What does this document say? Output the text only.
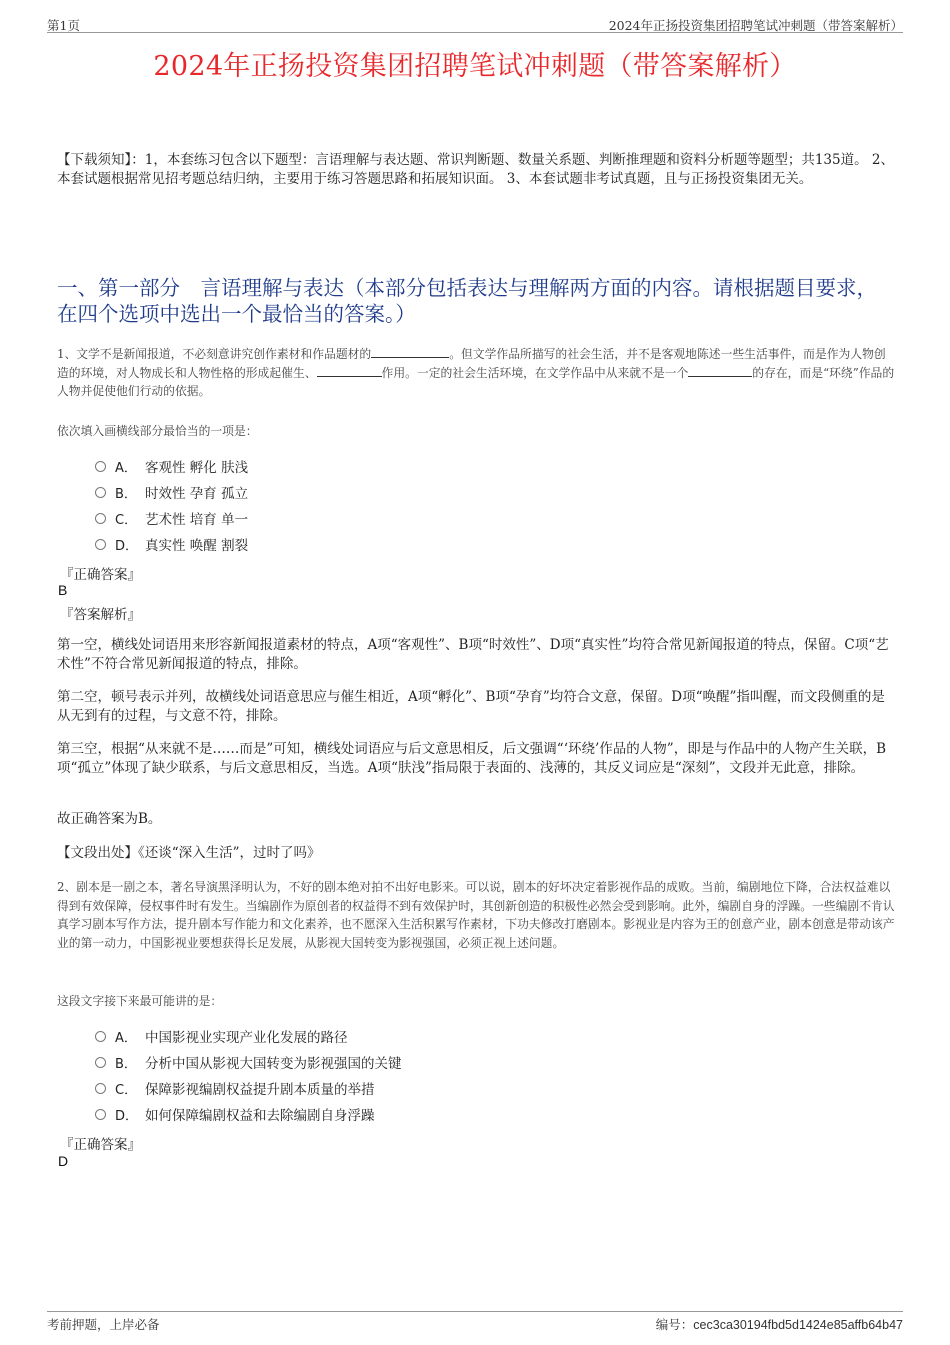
第1页	2024年正扬投资集团招聘笔试冲刺题（带答案解析）
2024年正扬投资集团招聘笔试冲刺题（带答案解析）
【下载须知】：1，本套练习包含以下题型：言语理解与表达题、常识判断题、数量关系题、判断推理题和资料分析题等题型；共135道。 2、本套试题根据常见招考题总结归纳，主要用于练习答题思路和拓展知识面。 3、本套试题非考试真题，且与正扬投资集团无关。
一、第一部分　言语理解与表达（本部分包括表达与理解两方面的内容。请根据题目要求，在四个选项中选出一个最恰当的答案。）
1、文学不是新闻报道，不必刻意讲究创作素材和作品题材的	。但文学作品所描写的社会生活，并不是客观地陈述一些生活事件，而是作为人物创造的环境，对人物成长和人物性格的形成起催生、	作用。一定的社会生活环境，在文学作品中从来就不是一个	的存在，而是“环绕”作品的人物并促使他们行动的依据。
依次填入画横线部分最恰当的一项是：
A． 客观性 孵化 肤浅
B． 时效性 孕育 孤立
C． 艺术性 培育 单一
D． 真实性 唤醒 割裂
『正确答案』
B
『答案解析』
第一空，横线处词语用来形容新闻报道素材的特点，A项“客观性”、B项“时效性”、D项“真实性”均符合常见新闻报道的特点，保留。C项“艺术性”不符合常见新闻报道的特点，排除。
第二空，顿号表示并列，故横线处词语意思应与催生相近，A项“孵化”、B项“孕育”均符合文意，保留。D项“唤醒”指叫醒，而文段侧重的是从无到有的过程，与文意不符，排除。
第三空，根据“从来就不是……而是”可知，横线处词语应与后文意思相反，后文强调“‘环绕’作品的人物”，即是与作品中的人物产生关联，B项“孤立”体现了缺少联系，与后文意思相反，当选。A项“肤浅”指局限于表面的、浅薄的，其反义词应是“深刻”，文段并无此意，排除。
故正确答案为B。
【文段出处】《还谈“深入生活”，过时了吗》
2、剧本是一剧之本，著名导演黑泽明认为，不好的剧本绝对拍不出好电影来。可以说，剧本的好坏决定着影视作品的成败。当前，编剧地位下降，合法权益难以得到有效保障，侵权事件时有发生。当编剧作为原创者的权益得不到有效保护时，其创新创造的积极性必然会受到影响。此外，编剧自身的浮躁。一些编剧不肯认真学习剧本写作方法，提升剧本写作能力和文化素养，也不愿深入生活积累写作素材，下功夫修改打磨剧本。影视业是内容为王的创意产业，剧本创意是带动该产业的第一动力，中国影视业要想获得长足发展，从影视大国转变为影视强国，必须正视上述问题。
这段文字接下来最可能讲的是：
A． 中国影视业实现产业化发展的路径
B． 分析中国从影视大国转变为影视强国的关键
C． 保障影视编剧权益提升剧本质量的举措
D． 如何保障编剧权益和去除编剧自身浮躁
『正确答案』
D
考前押题，上岸必备	编号：cec3ca30194fbd5d1424e85affb64b47
